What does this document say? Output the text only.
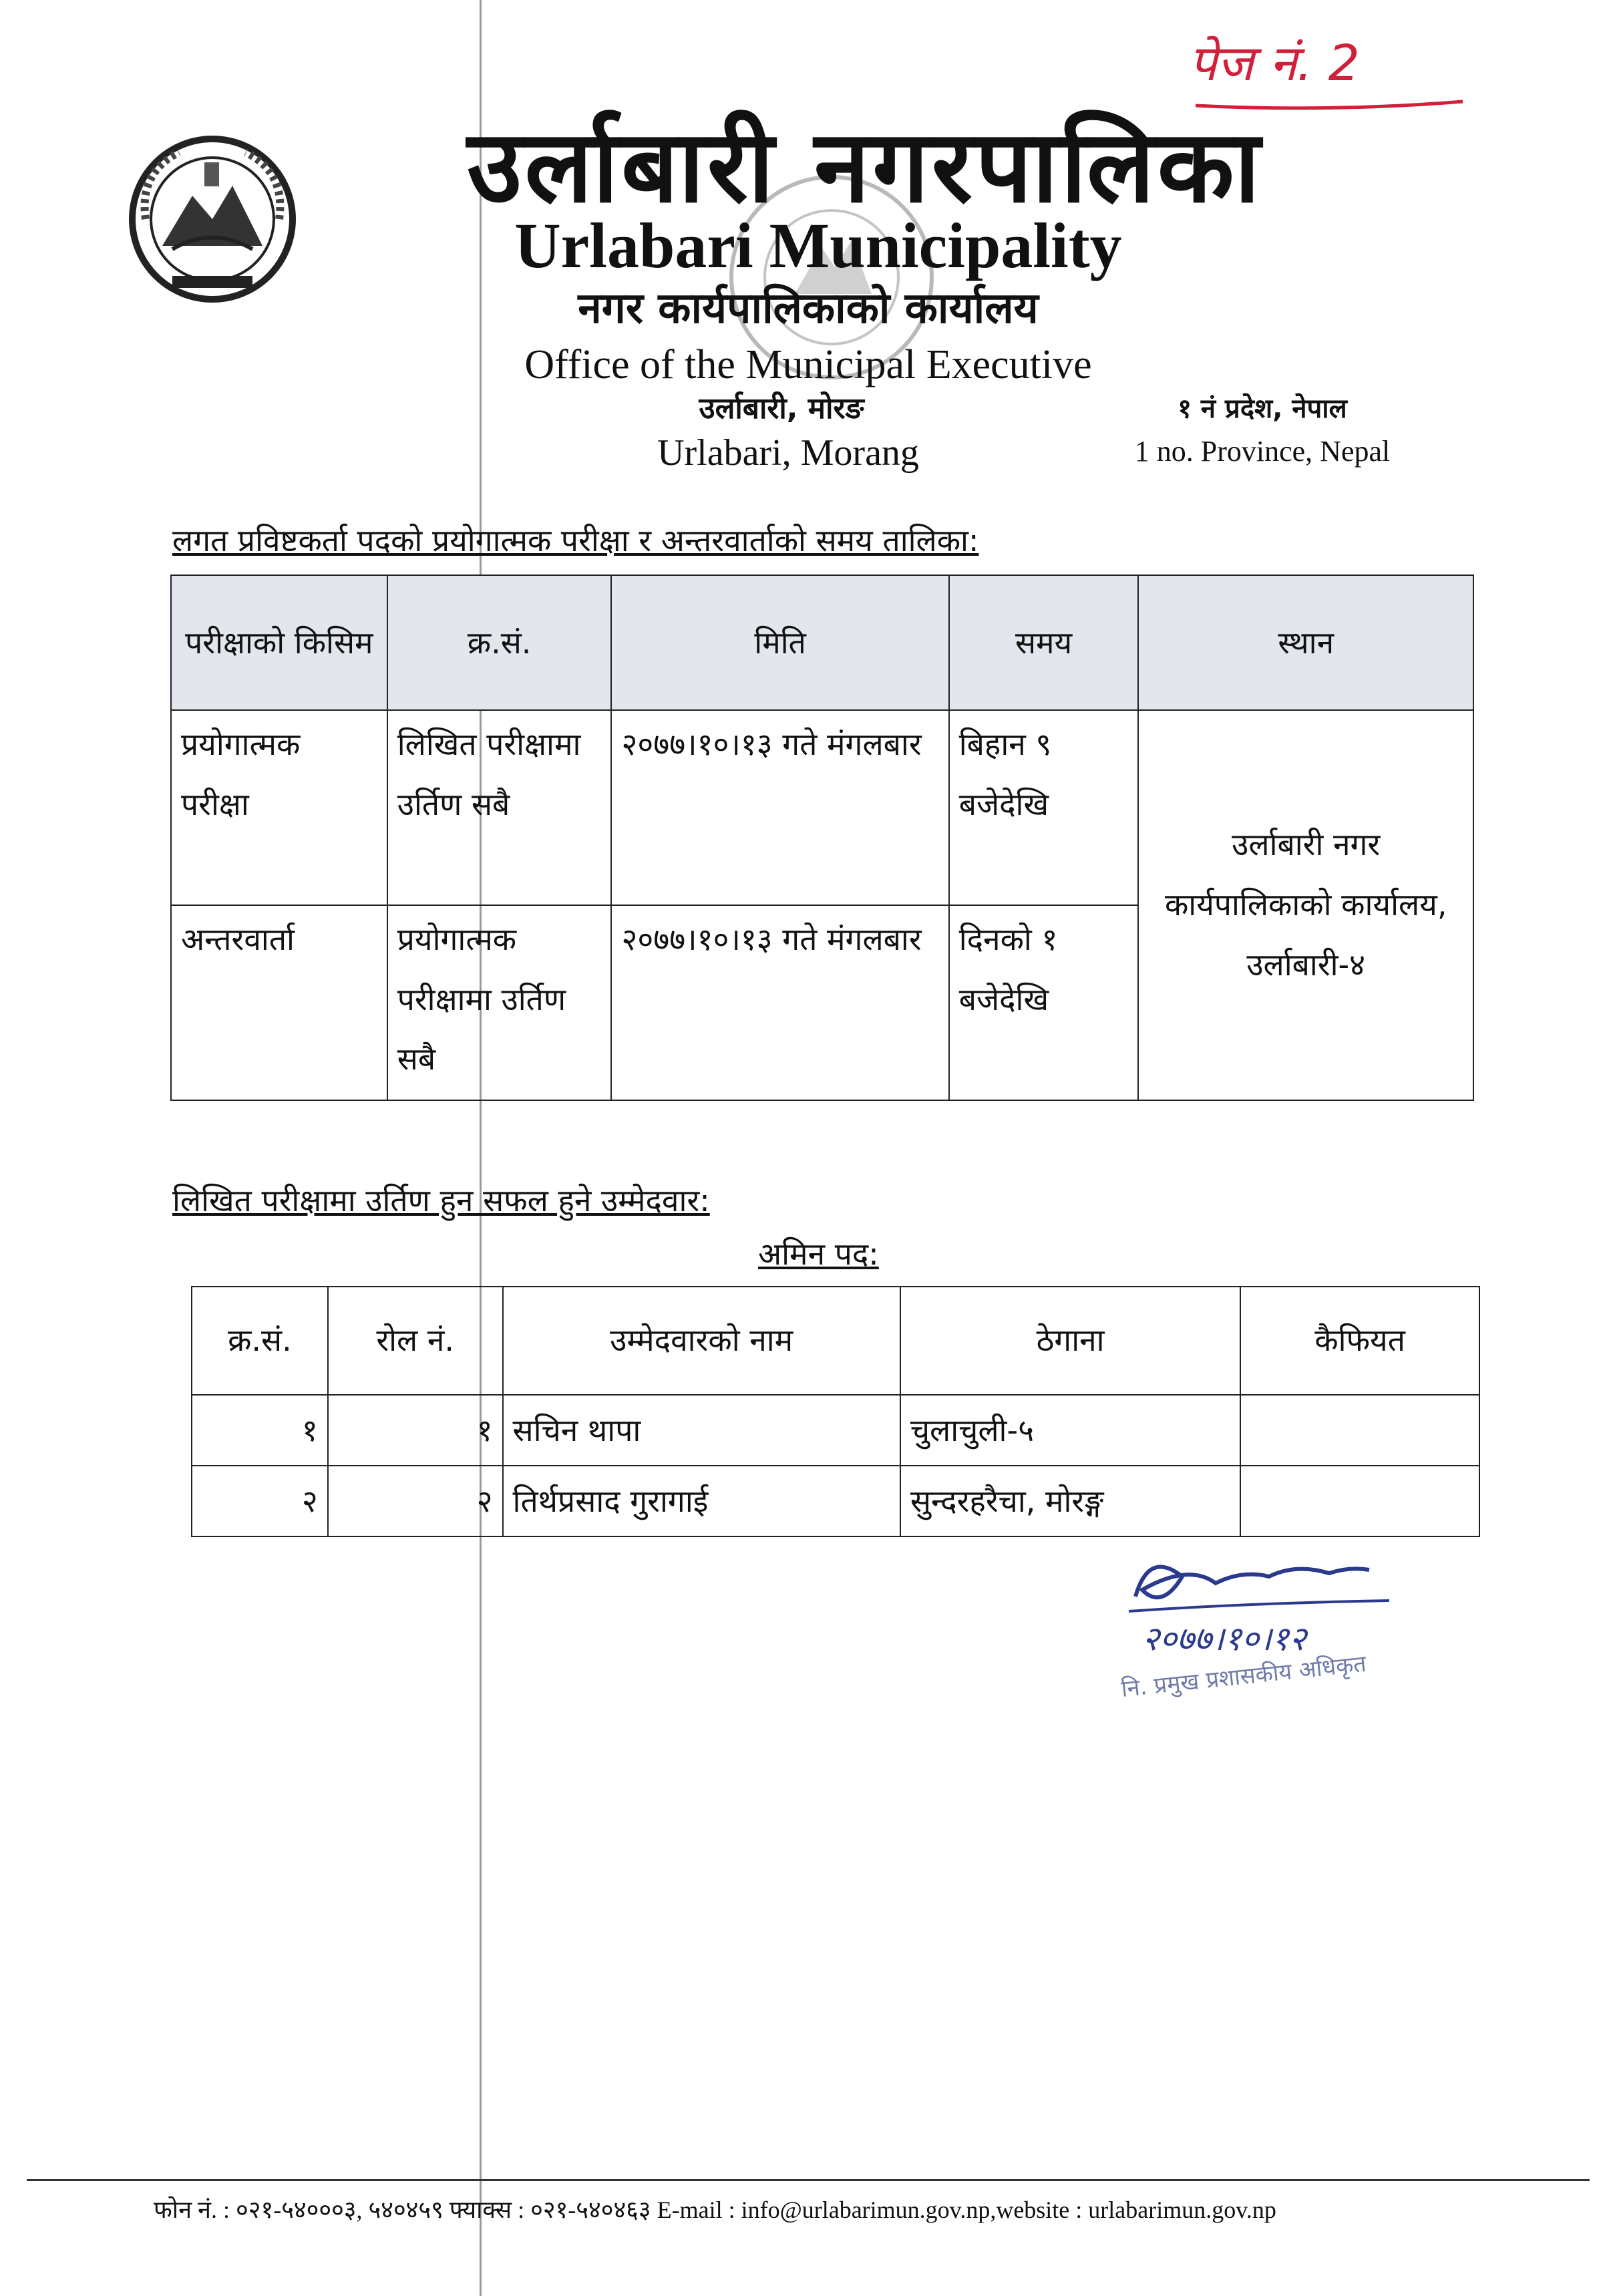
पेज नं. 2
उर्लाबारी नगरपालिका
Urlabari Municipality
नगर कार्यपालिकाको कार्यालय
Office of the Municipal Executive
उर्लाबारी, मोरङ
Urlabari, Morang
१ नं प्रदेश, नेपाल
1 no. Province, Nepal
लगत प्रविष्टकर्ता पदको प्रयोगात्मक परीक्षा र अन्तरवार्ताको समय तालिका:
परीक्षाको किसिम	क्र.सं.	मिति	समय	स्थान
प्रयोगात्मक परीक्षा	लिखित परीक्षामा उर्तिण सबै	२०७७।१०।१३ गते मंगलबार	बिहान ९ बजेदेखि	उर्लाबारी नगर कार्यपालिकाको कार्यालय, उर्लाबारी-४
अन्तरवार्ता	प्रयोगात्मक परीक्षामा उर्तिण सबै	२०७७।१०।१३ गते मंगलबार	दिनको १ बजेदेखि	
लिखित परीक्षामा उर्तिण हुन सफल हुने उम्मेदवार:
अमिन पद:
क्र.सं.	रोल नं.	उम्मेदवारको नाम	ठेगाना	कैफियत
१	१	सचिन थापा	चुलाचुली-५	
२	२	तिर्थप्रसाद गुरागाई	सुन्दरहरैचा, मोरङ्ग	
२०७७।१०।१२
नि. प्रमुख प्रशासकीय अधिकृत
फोन नं. : ०२१-५४०००३, ५४०४५९ फ्याक्स : ०२१-५४०४६३ E-mail : info@urlabarimun.gov.np,website : urlabarimun.gov.np
